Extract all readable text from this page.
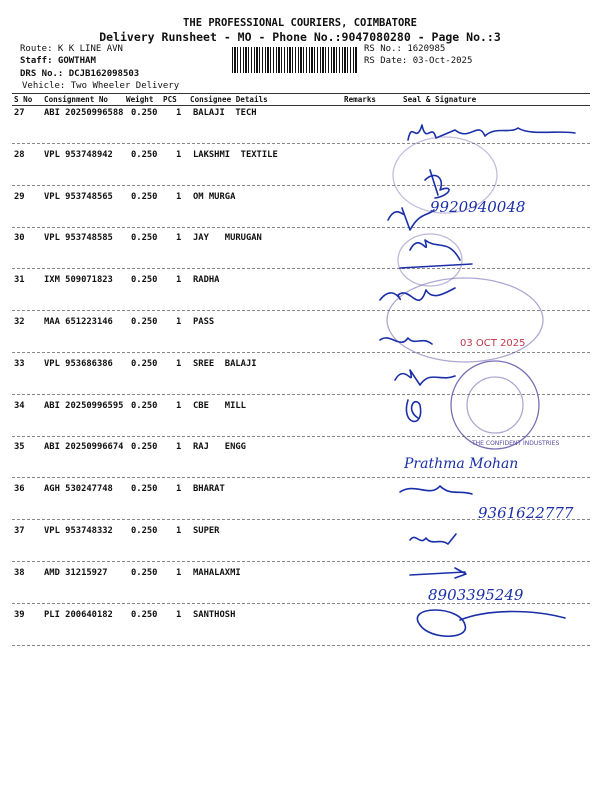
THE PROFESSIONAL COURIERS, COIMBATORE
Delivery Runsheet - MO - Phone No.:9047080280 - Page No.:3
Route: K K LINE AVN
Staff: GOWTHAM
DRS No.: DCJB162098503
Vehicle: Two Wheeler Delivery
RS No.: 1620985
RS Date: 03-Oct-2025
S No Consignment No Weight PCS Consignee Details	Remarks	Seal & Signature
27 ABI 20250996588 0.250 1 BALAJI  TECH
28 VPL 953748942 0.250 1 LAKSHMI  TEXTILE
29 VPL 953748565 0.250 1 OM MURGA
30 VPL 953748585 0.250 1 JAY   MURUGAN
31 IXM 509071823 0.250 1 RADHA
32 MAA 651223146 0.250 1 PASS
33 VPL 953686386 0.250 1 SREE  BALAJI
34 ABI 20250996595 0.250 1 CBE   MILL
35 ABI 20250996674 0.250 1 RAJ   ENGG
36 AGH 530247748 0.250 1 BHARAT
37 VPL 953748332 0.250 1 SUPER
38 AMD 31215927	0.250 1 MAHALAXMI
39 PLI 200640182 0.250 1 SANTHOSH
9920940048
Prathma Mohan
9361622777
8903395249
03 OCT 2025
THE CONFIDENT INDUSTRIES
